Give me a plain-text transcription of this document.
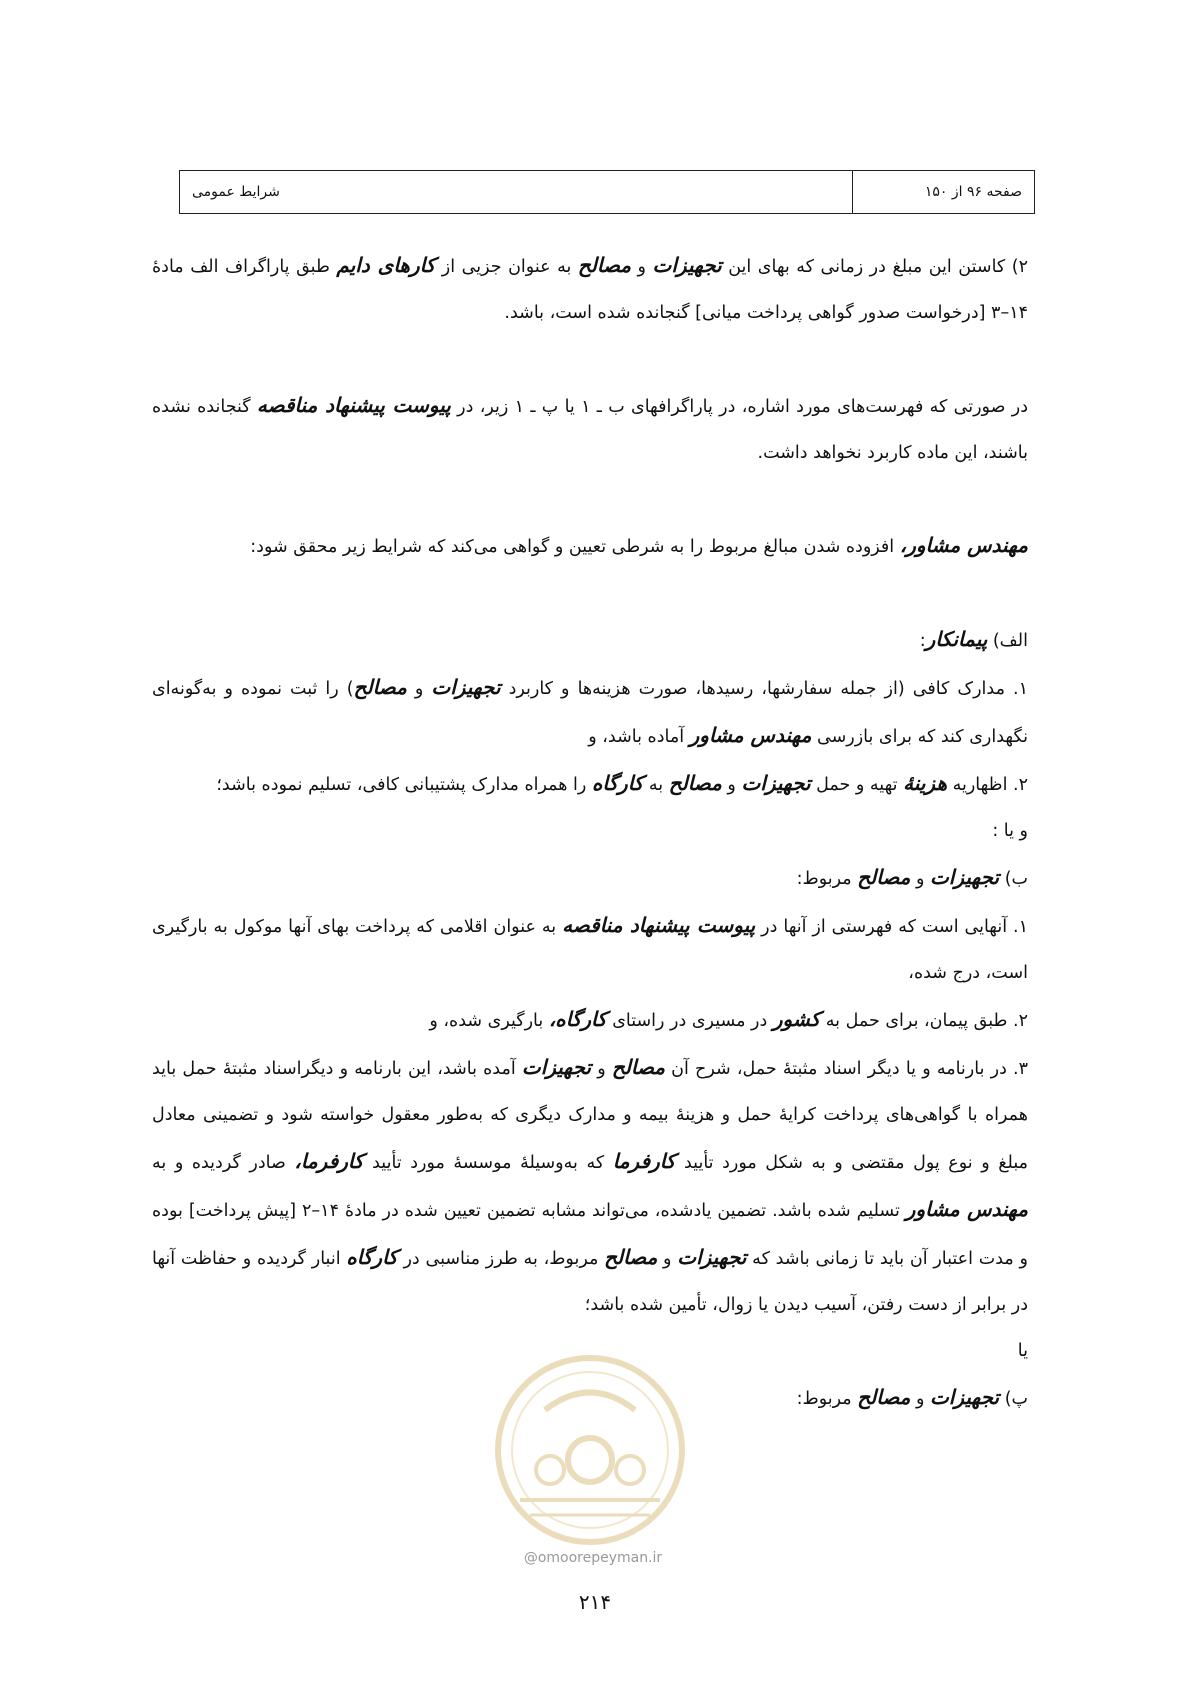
صفحه ۹۶ از ۱۵۰
شرایط عمومی

۲) کاستن این مبلغ در زمانی که بهای این تجهیزات و مصالح به عنوان جزیی از کارهای دایم طبق پاراگراف الف مادهٔ ۱۴–۳ [درخواست صدور گواهی پرداخت میانی] گنجانده شده است، باشد.

در صورتی که فهرست‌های مورد اشاره، در پاراگرافهای ب ـ ۱ یا پ ـ ۱ زیر، در پیوست پیشنهاد مناقصه گنجانده نشده باشند، این ماده کاربرد نخواهد داشت.

مهندس مشاور، افزوده شدن مبالغ مربوط را به شرطی تعیین و گواهی می‌کند که شرایط زیر محقق شود:

الف) پیمانکار:

۱. مدارک کافی (از جمله سفارشها، رسیدها، صورت هزینه‌ها و کاربرد تجهیزات و مصالح) را ثبت نموده و به‌گونه‌ای نگهداری کند که برای بازرسی مهندس مشاور آماده باشد، و

۲. اظهاریه هزینهٔ تهیه و حمل تجهیزات و مصالح به کارگاه را همراه مدارک پشتیبانی کافی، تسلیم نموده باشد؛

و یا :

ب) تجهیزات و مصالح مربوط:

۱. آنهایی است که فهرستی از آنها در پیوست پیشنهاد مناقصه به عنوان اقلامی که پرداخت بهای آنها موکول به بارگیری است، درج شده،

۲. طبق پیمان، برای حمل به کشور در مسیری در راستای کارگاه، بارگیری شده، و

۳. در بارنامه و یا دیگر اسناد مثبتهٔ حمل، شرح آن مصالح و تجهیزات آمده باشد، این بارنامه و دیگراسناد مثبتهٔ حمل باید همراه با گواهی‌های پرداخت کرایهٔ حمل و هزینهٔ بیمه و مدارک دیگری که به‌طور معقول خواسته شود و تضمینی معادل مبلغ و نوع پول مقتضی و به شکل مورد تأیید کارفرما که به‌وسیلهٔ موسسهٔ مورد تأیید کارفرما، صادر گردیده و به مهندس مشاور تسلیم شده باشد. تضمین یادشده، می‌تواند مشابه تضمین تعیین شده در مادهٔ ۱۴–۲ [پیش پرداخت] بوده و مدت اعتبار آن باید تا زمانی باشد که تجهیزات و مصالح مربوط، به طرز مناسبی در کارگاه انبار گردیده و حفاظت آنها در برابر از دست رفتن، آسیب دیدن یا زوال، تأمین شده باشد؛

یا

پ) تجهیزات و مصالح مربوط:

@omoorepeyman.ir
۲۱۴
